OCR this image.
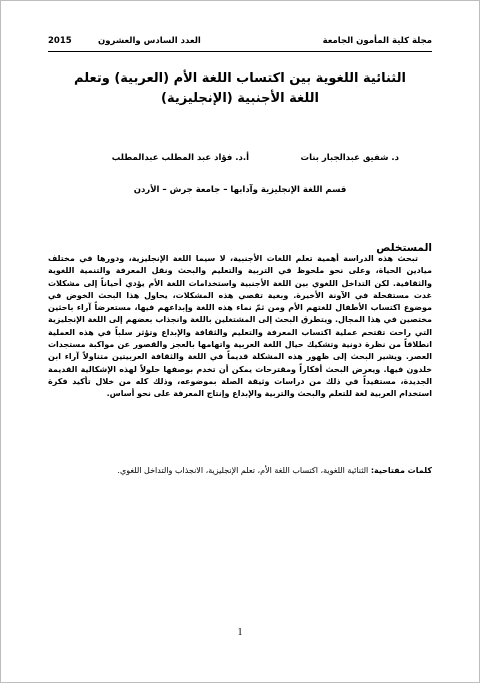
مجلة كلية المأمون الجامعة
العدد السادس والعشرون
2015
الثنائية اللغوية بين اكتساب اللغة الأم (العربية) وتعلم اللغة الأجنبية (الإنجليزية)
د. شفيق عبدالجبار بنات
أ.د. فؤاد عبد المطلب عبدالمطلب
قسم اللغة الإنجليزية وآدابها – جامعة جرش – الأردن
المستخلص

تبحث هذه الدراسة أهمية تعلم اللغات الأجنبية، لا سيما اللغة الإنجليزية، ودورها في مختلف ميادين الحياة، وعلى نحو ملحوظ في التربية والتعليم والبحث ونقل المعرفة والتنمية اللغوية والثقافية. لكن التداخل اللغوي بين اللغة الأجنبية واستخدامات اللغة الأم يؤدي أحياناً إلى مشكلات غدت مستفحلة في الآونة الأخيرة. وبغية تقصي هذه المشكلات، يحاول هذا البحث الخوض في موضوع اكتساب الأطفال للغتهم الأم ومن ثمّ نماء هذه اللغة وإبداعهم فيها، مستعرضاً آراء باحثين مختصين في هذا المجال. ويتطرق البحث إلى المشتغلين باللغة وانجذاب بعضهم إلى اللغة الإنجليزية التي راحت تقتحم عملية اكتساب المعرفة والتعليم والثقافة والإبداع وتؤثر سلباً في هذه العملية انطلاقاً من نظرة دونية وتشكيك حيال اللغة العربية واتهامها بالعجز والقصور عن مواكبة مستجدات العصر. ويشير البحث إلى ظهور هذه المشكلة قديماً في اللغة والثقافة العربيتين متناولاً آراء ابن خلدون فيها. ويعرض البحث أفكاراً ومقترحات يمكن أن تخدم بوصفها حلولاً لهذه الإشكالية القديمة الجديدة، مستفيداً في ذلك من دراسات وثيقة الصلة بموضوعه، وذلك كله من خلال تأكيد فكرة استخدام العربية لغة للتعلم والبحث والتربية والإبداع وإنتاج المعرفة على نحو أساس.

كلمات مفتاحية: الثنائية اللغوية، اكتساب اللغة الأم، تعلم الإنجليزية، الانجذاب والتداخل اللغوي.
1
